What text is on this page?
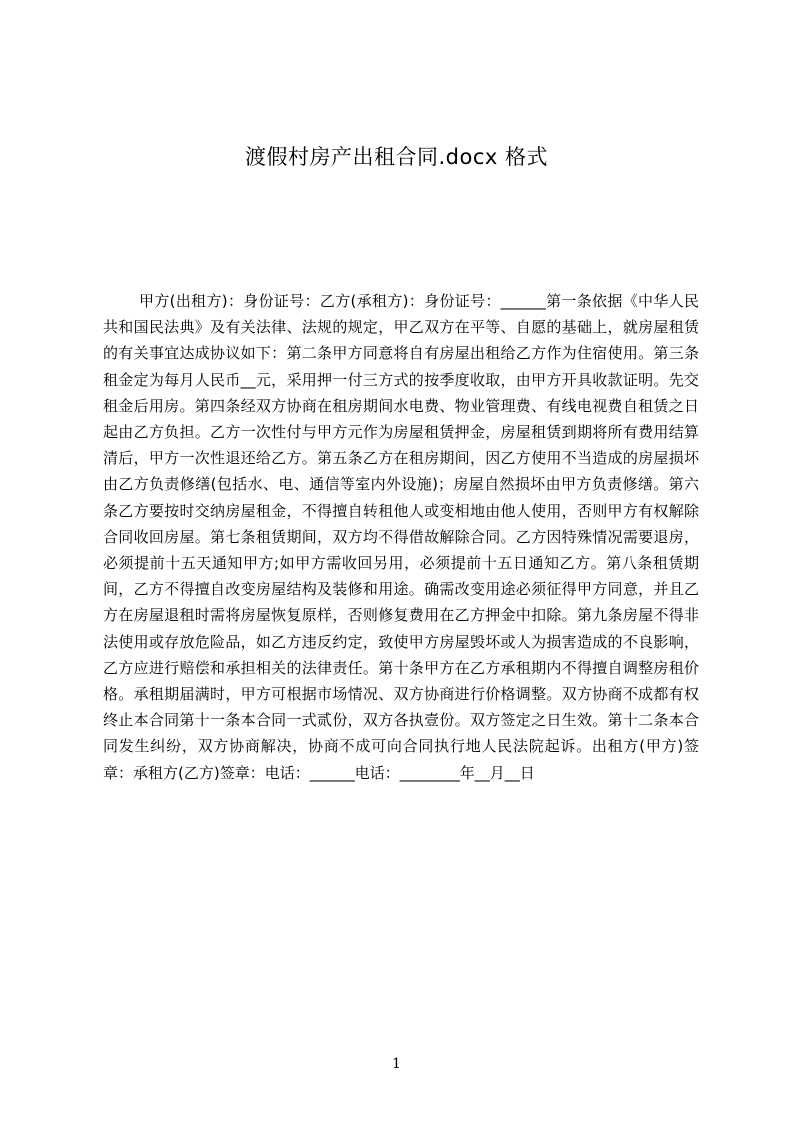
渡假村房产出租合同.docx 格式

甲方(出租方)：身份证号：乙方(承租方)：身份证号：______第一条依据《中华人民共和国民法典》及有关法律、法规的规定，甲乙双方在平等、自愿的基础上，就房屋租赁的有关事宜达成协议如下：第二条甲方同意将自有房屋出租给乙方作为住宿使用。第三条租金定为每月人民币__元，采用押一付三方式的按季度收取，由甲方开具收款证明。先交租金后用房。第四条经双方协商在租房期间水电费、物业管理费、有线电视费自租赁之日起由乙方负担。乙方一次性付与甲方元作为房屋租赁押金，房屋租赁到期将所有费用结算清后，甲方一次性退还给乙方。第五条乙方在租房期间，因乙方使用不当造成的房屋损坏由乙方负责修缮(包括水、电、通信等室内外设施)；房屋自然损坏由甲方负责修缮。第六条乙方要按时交纳房屋租金，不得擅自转租他人或变相地由他人使用，否则甲方有权解除合同收回房屋。第七条租赁期间，双方均不得借故解除合同。乙方因特殊情况需要退房，必须提前十五天通知甲方;如甲方需收回另用，必须提前十五日通知乙方。第八条租赁期间，乙方不得擅自改变房屋结构及装修和用途。确需改变用途必须征得甲方同意，并且乙方在房屋退租时需将房屋恢复原样，否则修复费用在乙方押金中扣除。第九条房屋不得非法使用或存放危险品，如乙方违反约定，致使甲方房屋毁坏或人为损害造成的不良影响，乙方应进行赔偿和承担相关的法律责任。第十条甲方在乙方承租期内不得擅自调整房租价格。承租期届满时，甲方可根据市场情况、双方协商进行价格调整。双方协商不成都有权终止本合同第十一条本合同一式贰份，双方各执壹份。双方签定之日生效。第十二条本合同发生纠纷，双方协商解决，协商不成可向合同执行地人民法院起诉。出租方(甲方)签章：承租方(乙方)签章：电话：______电话：________年__月__日

1
